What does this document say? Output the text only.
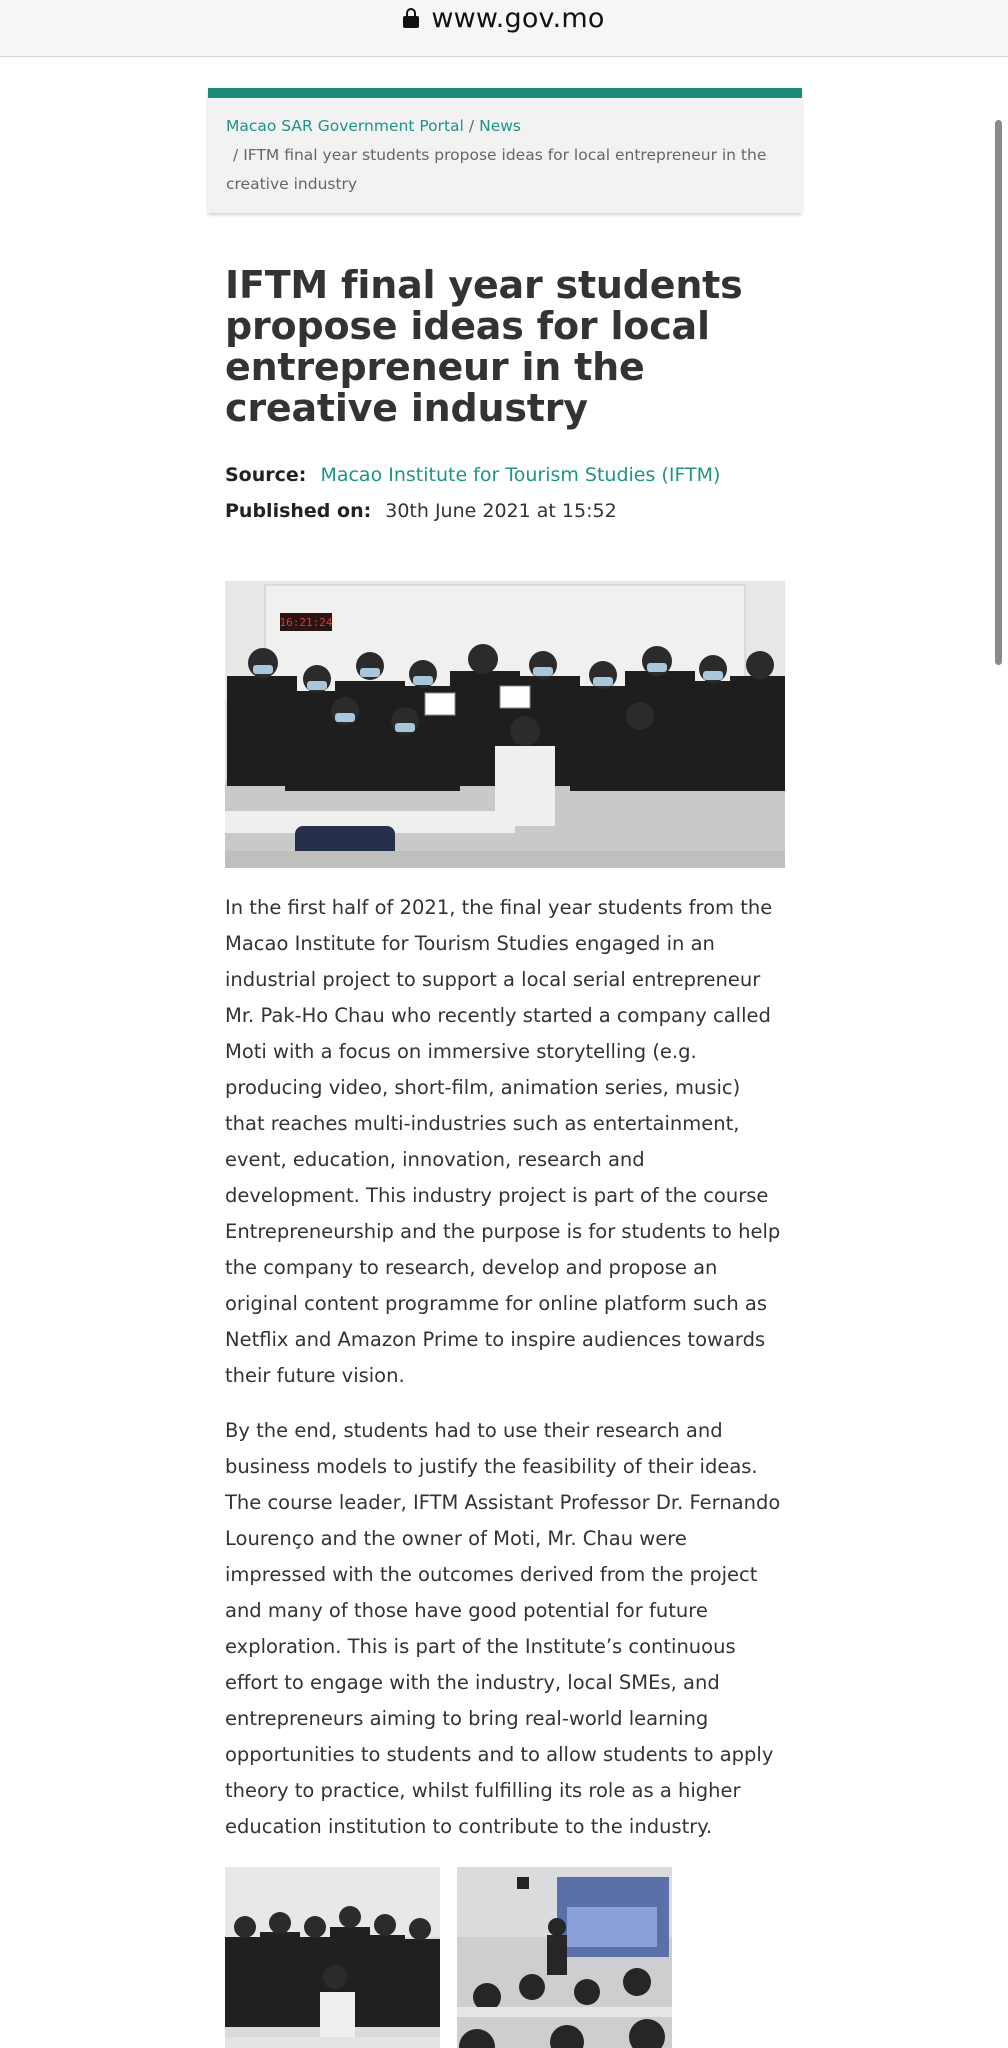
www.gov.mo
Macao SAR Government Portal / News
/ IFTM final year students propose ideas for local entrepreneur in the creative industry
IFTM final year students propose ideas for local entrepreneur in the creative industry
Source: Macao Institute for Tourism Studies (IFTM)
Published on: 30th June 2021 at 15:52
16:21:24

In the first half of 2021, the final year students from the Macao Institute for Tourism Studies engaged in an industrial project to support a local serial entrepreneur Mr. Pak-Ho Chau who recently started a company called Moti with a focus on immersive storytelling (e.g. producing video, short-film, animation series, music) that reaches multi-industries such as entertainment, event, education, innovation, research and development. This industry project is part of the course Entrepreneurship and the purpose is for students to help the company to research, develop and propose an original content programme for online platform such as Netflix and Amazon Prime to inspire audiences towards their future vision.

By the end, students had to use their research and business models to justify the feasibility of their ideas. The course leader, IFTM Assistant Professor Dr. Fernando Lourenço and the owner of Moti, Mr. Chau were impressed with the outcomes derived from the project and many of those have good potential for future exploration. This is part of the Institute’s continuous effort to engage with the industry, local SMEs, and entrepreneurs aiming to bring real-world learning opportunities to students and to allow students to apply theory to practice, whilst fulfilling its role as a higher education institution to contribute to the industry.
